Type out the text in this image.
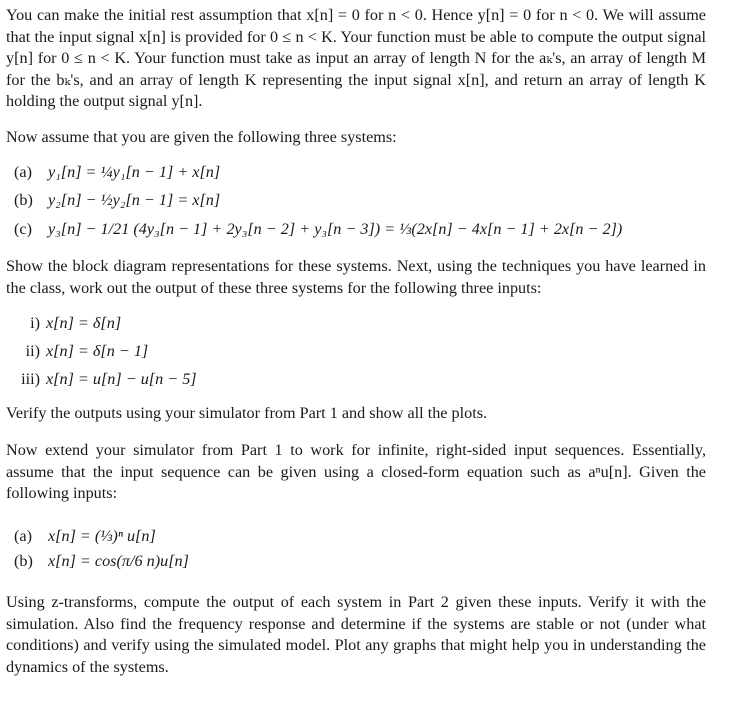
You can make the initial rest assumption that x[n] = 0 for n < 0. Hence y[n] = 0 for n < 0. We will assume that the input signal x[n] is provided for 0 ≤ n < K. Your function must be able to compute the output signal y[n] for 0 ≤ n < K. Your function must take as input an array of length N for the aₖ's, an array of length M for the bₖ's, and an array of length K representing the input signal x[n], and return an array of length K holding the output signal y[n].

Now assume that you are given the following three systems:

(a) y₁[n] = ¼y₁[n − 1] + x[n]
(b) y₂[n] − ½y₂[n − 1] = x[n]
(c) y₃[n] − 1/21 (4y₃[n − 1] + 2y₃[n − 2] + y₃[n − 3]) = ⅓(2x[n] − 4x[n − 1] + 2x[n − 2])

Show the block diagram representations for these systems. Next, using the techniques you have learned in the class, work out the output of these three systems for the following three inputs:

i) x[n] = δ[n]
ii) x[n] = δ[n − 1]
iii) x[n] = u[n] − u[n − 5]

Verify the outputs using your simulator from Part 1 and show all the plots.

Now extend your simulator from Part 1 to work for infinite, right-sided input sequences. Essentially, assume that the input sequence can be given using a closed-form equation such as aⁿu[n]. Given the following inputs:

(a) x[n] = (⅓)ⁿ u[n]
(b) x[n] = cos(π/6 n)u[n]

Using z-transforms, compute the output of each system in Part 2 given these inputs. Verify it with the simulation. Also find the frequency response and determine if the systems are stable or not (under what conditions) and verify using the simulated model. Plot any graphs that might help you in understanding the dynamics of the systems.
